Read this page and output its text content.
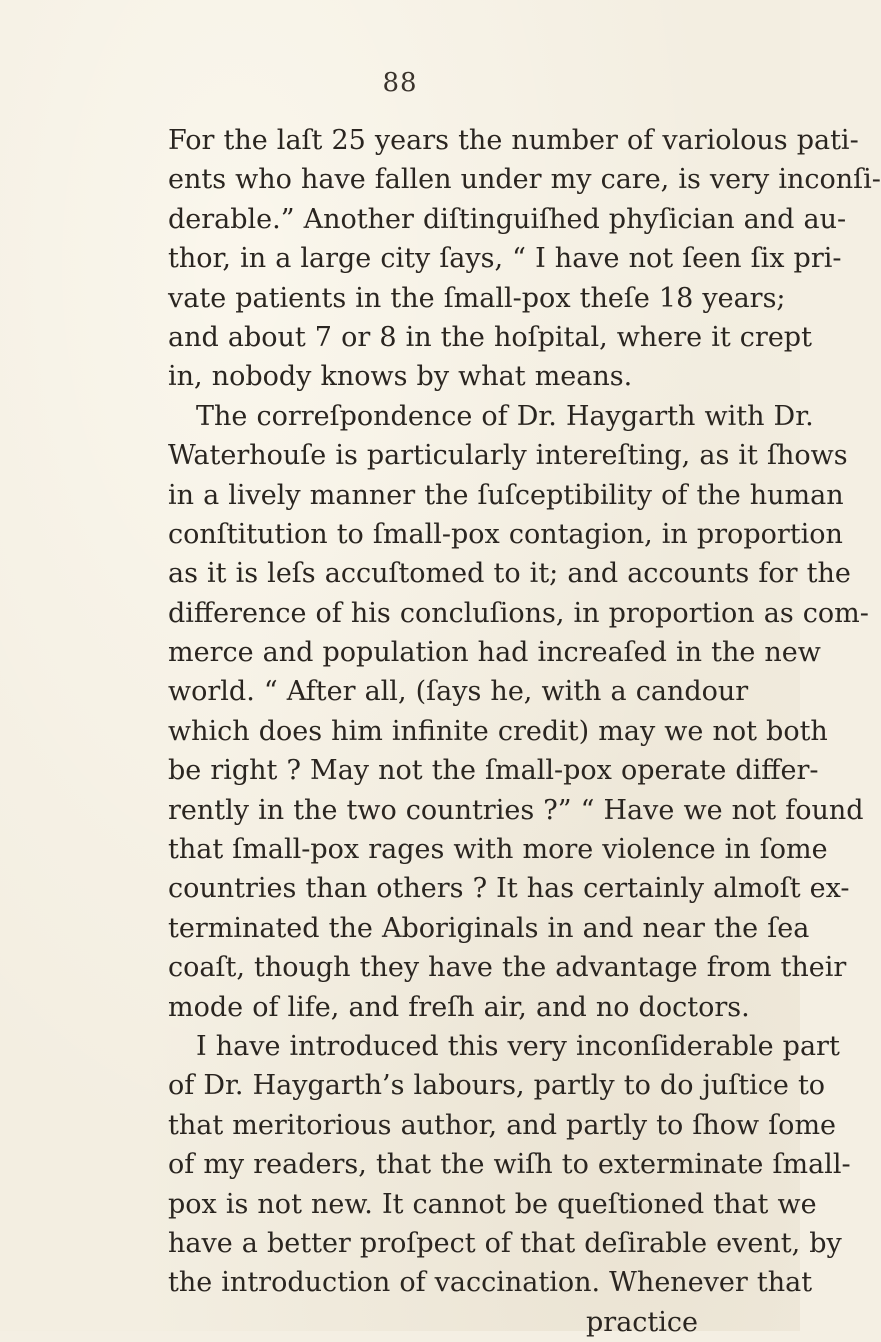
88
For the laſt 25 years the number of variolous pati-
ents who have fallen under my care, is very inconſi-
derable.” Another diſtinguiſhed phyſician and au-
thor, in a large city ſays, “ I have not ſeen ſix pri-
vate patients in the ſmall-pox theſe 18 years;
and about 7 or 8 in the hoſpital, where it crept
in, nobody knows by what means.
The correſpondence of Dr. Haygarth with Dr.
Waterhouſe is particularly intereſting, as it ſhows
in a lively manner the ſuſceptibility of the human
conſtitution to ſmall-pox contagion, in proportion
as it is leſs accuſtomed to it; and accounts for the
difference of his concluſions, in proportion as com-
merce and population had increaſed in the new
world. “ After all, (ſays he, with a candour
which does him infinite credit) may we not both
be right ? May not the ſmall-pox operate differ-
rently in the two countries ?” “ Have we not found
that ſmall-pox rages with more violence in ſome
countries than others ? It has certainly almoſt ex-
terminated the Aboriginals in and near the ſea
coaſt, though they have the advantage from their
mode of life, and freſh air, and no doctors.
I have introduced this very inconſiderable part
of Dr. Haygarth’s labours, partly to do juſtice to
that meritorious author, and partly to ſhow ſome
of my readers, that the wiſh to exterminate ſmall-
pox is not new. It cannot be queſtioned that we
have a better proſpect of that deſirable event, by
the introduction of vaccination. Whenever that
practice
